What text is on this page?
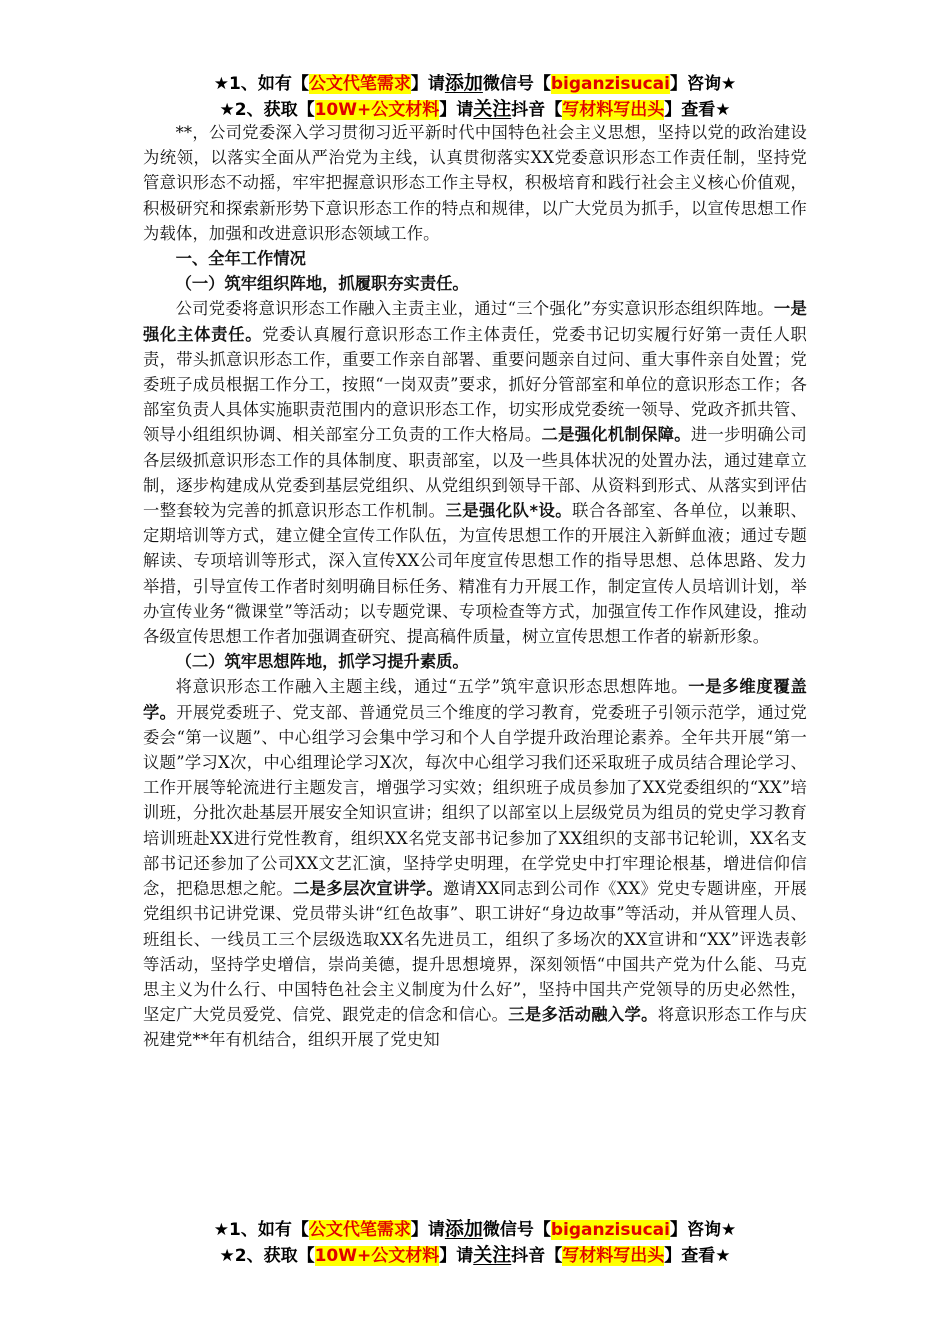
★1、如有【公文代笔需求】请添加微信号【biganzisucai】咨询★
★2、获取【10W+公文材料】请关注抖音【写材料写出头】查看★

**，公司党委深入学习贯彻习近平新时代中国特色社会主义思想，坚持以党的政治建设为统领，以落实全面从严治党为主线，认真贯彻落实XX党委意识形态工作责任制，坚持党管意识形态不动摇，牢牢把握意识形态工作主导权，积极培育和践行社会主义核心价值观，积极研究和探索新形势下意识形态工作的特点和规律，以广大党员为抓手，以宣传思想工作为载体，加强和改进意识形态领域工作。

一、全年工作情况

（一）筑牢组织阵地，抓履职夯实责任。

公司党委将意识形态工作融入主责主业，通过“三个强化”夯实意识形态组织阵地。一是强化主体责任。党委认真履行意识形态工作主体责任，党委书记切实履行好第一责任人职责，带头抓意识形态工作，重要工作亲自部署、重要问题亲自过问、重大事件亲自处置；党委班子成员根据工作分工，按照“一岗双责”要求，抓好分管部室和单位的意识形态工作；各部室负责人具体实施职责范围内的意识形态工作，切实形成党委统一领导、党政齐抓共管、领导小组组织协调、相关部室分工负责的工作大格局。二是强化机制保障。进一步明确公司各层级抓意识形态工作的具体制度、职责部室，以及一些具体状况的处置办法，通过建章立制，逐步构建成从党委到基层党组织、从党组织到领导干部、从资料到形式、从落实到评估一整套较为完善的抓意识形态工作机制。三是强化队*设。联合各部室、各单位，以兼职、定期培训等方式，建立健全宣传工作队伍，为宣传思想工作的开展注入新鲜血液；通过专题解读、专项培训等形式，深入宣传XX公司年度宣传思想工作的指导思想、总体思路、发力举措，引导宣传工作者时刻明确目标任务、精准有力开展工作，制定宣传人员培训计划，举办宣传业务“微课堂”等活动；以专题党课、专项检查等方式，加强宣传工作作风建设，推动各级宣传思想工作者加强调查研究、提高稿件质量，树立宣传思想工作者的崭新形象。

（二）筑牢思想阵地，抓学习提升素质。

将意识形态工作融入主题主线，通过“五学”筑牢意识形态思想阵地。一是多维度覆盖学。开展党委班子、党支部、普通党员三个维度的学习教育，党委班子引领示范学，通过党委会“第一议题”、中心组学习会集中学习和个人自学提升政治理论素养。全年共开展“第一议题”学习X次，中心组理论学习X次，每次中心组学习我们还采取班子成员结合理论学习、工作开展等轮流进行主题发言，增强学习实效；组织班子成员参加了XX党委组织的“XX”培训班，分批次赴基层开展安全知识宣讲；组织了以部室以上层级党员为组员的党史学习教育培训班赴XX进行党性教育，组织XX名党支部书记参加了XX组织的支部书记轮训，XX名支部书记还参加了公司XX文艺汇演，坚持学史明理，在学党史中打牢理论根基，增进信仰信念，把稳思想之舵。二是多层次宣讲学。邀请XX同志到公司作《XX》党史专题讲座，开展党组织书记讲党课、党员带头讲“红色故事”、职工讲好“身边故事”等活动，并从管理人员、班组长、一线员工三个层级选取XX名先进员工，组织了多场次的XX宣讲和“XX”评选表彰等活动，坚持学史增信，崇尚美德，提升思想境界，深刻领悟“中国共产党为什么能、马克思主义为什么行、中国特色社会主义制度为什么好”，坚持中国共产党领导的历史必然性，坚定广大党员爱党、信党、跟党走的信念和信心。三是多活动融入学。将意识形态工作与庆祝建党**年有机结合，组织开展了党史知

★1、如有【公文代笔需求】请添加微信号【biganzisucai】咨询★
★2、获取【10W+公文材料】请关注抖音【写材料写出头】查看★
